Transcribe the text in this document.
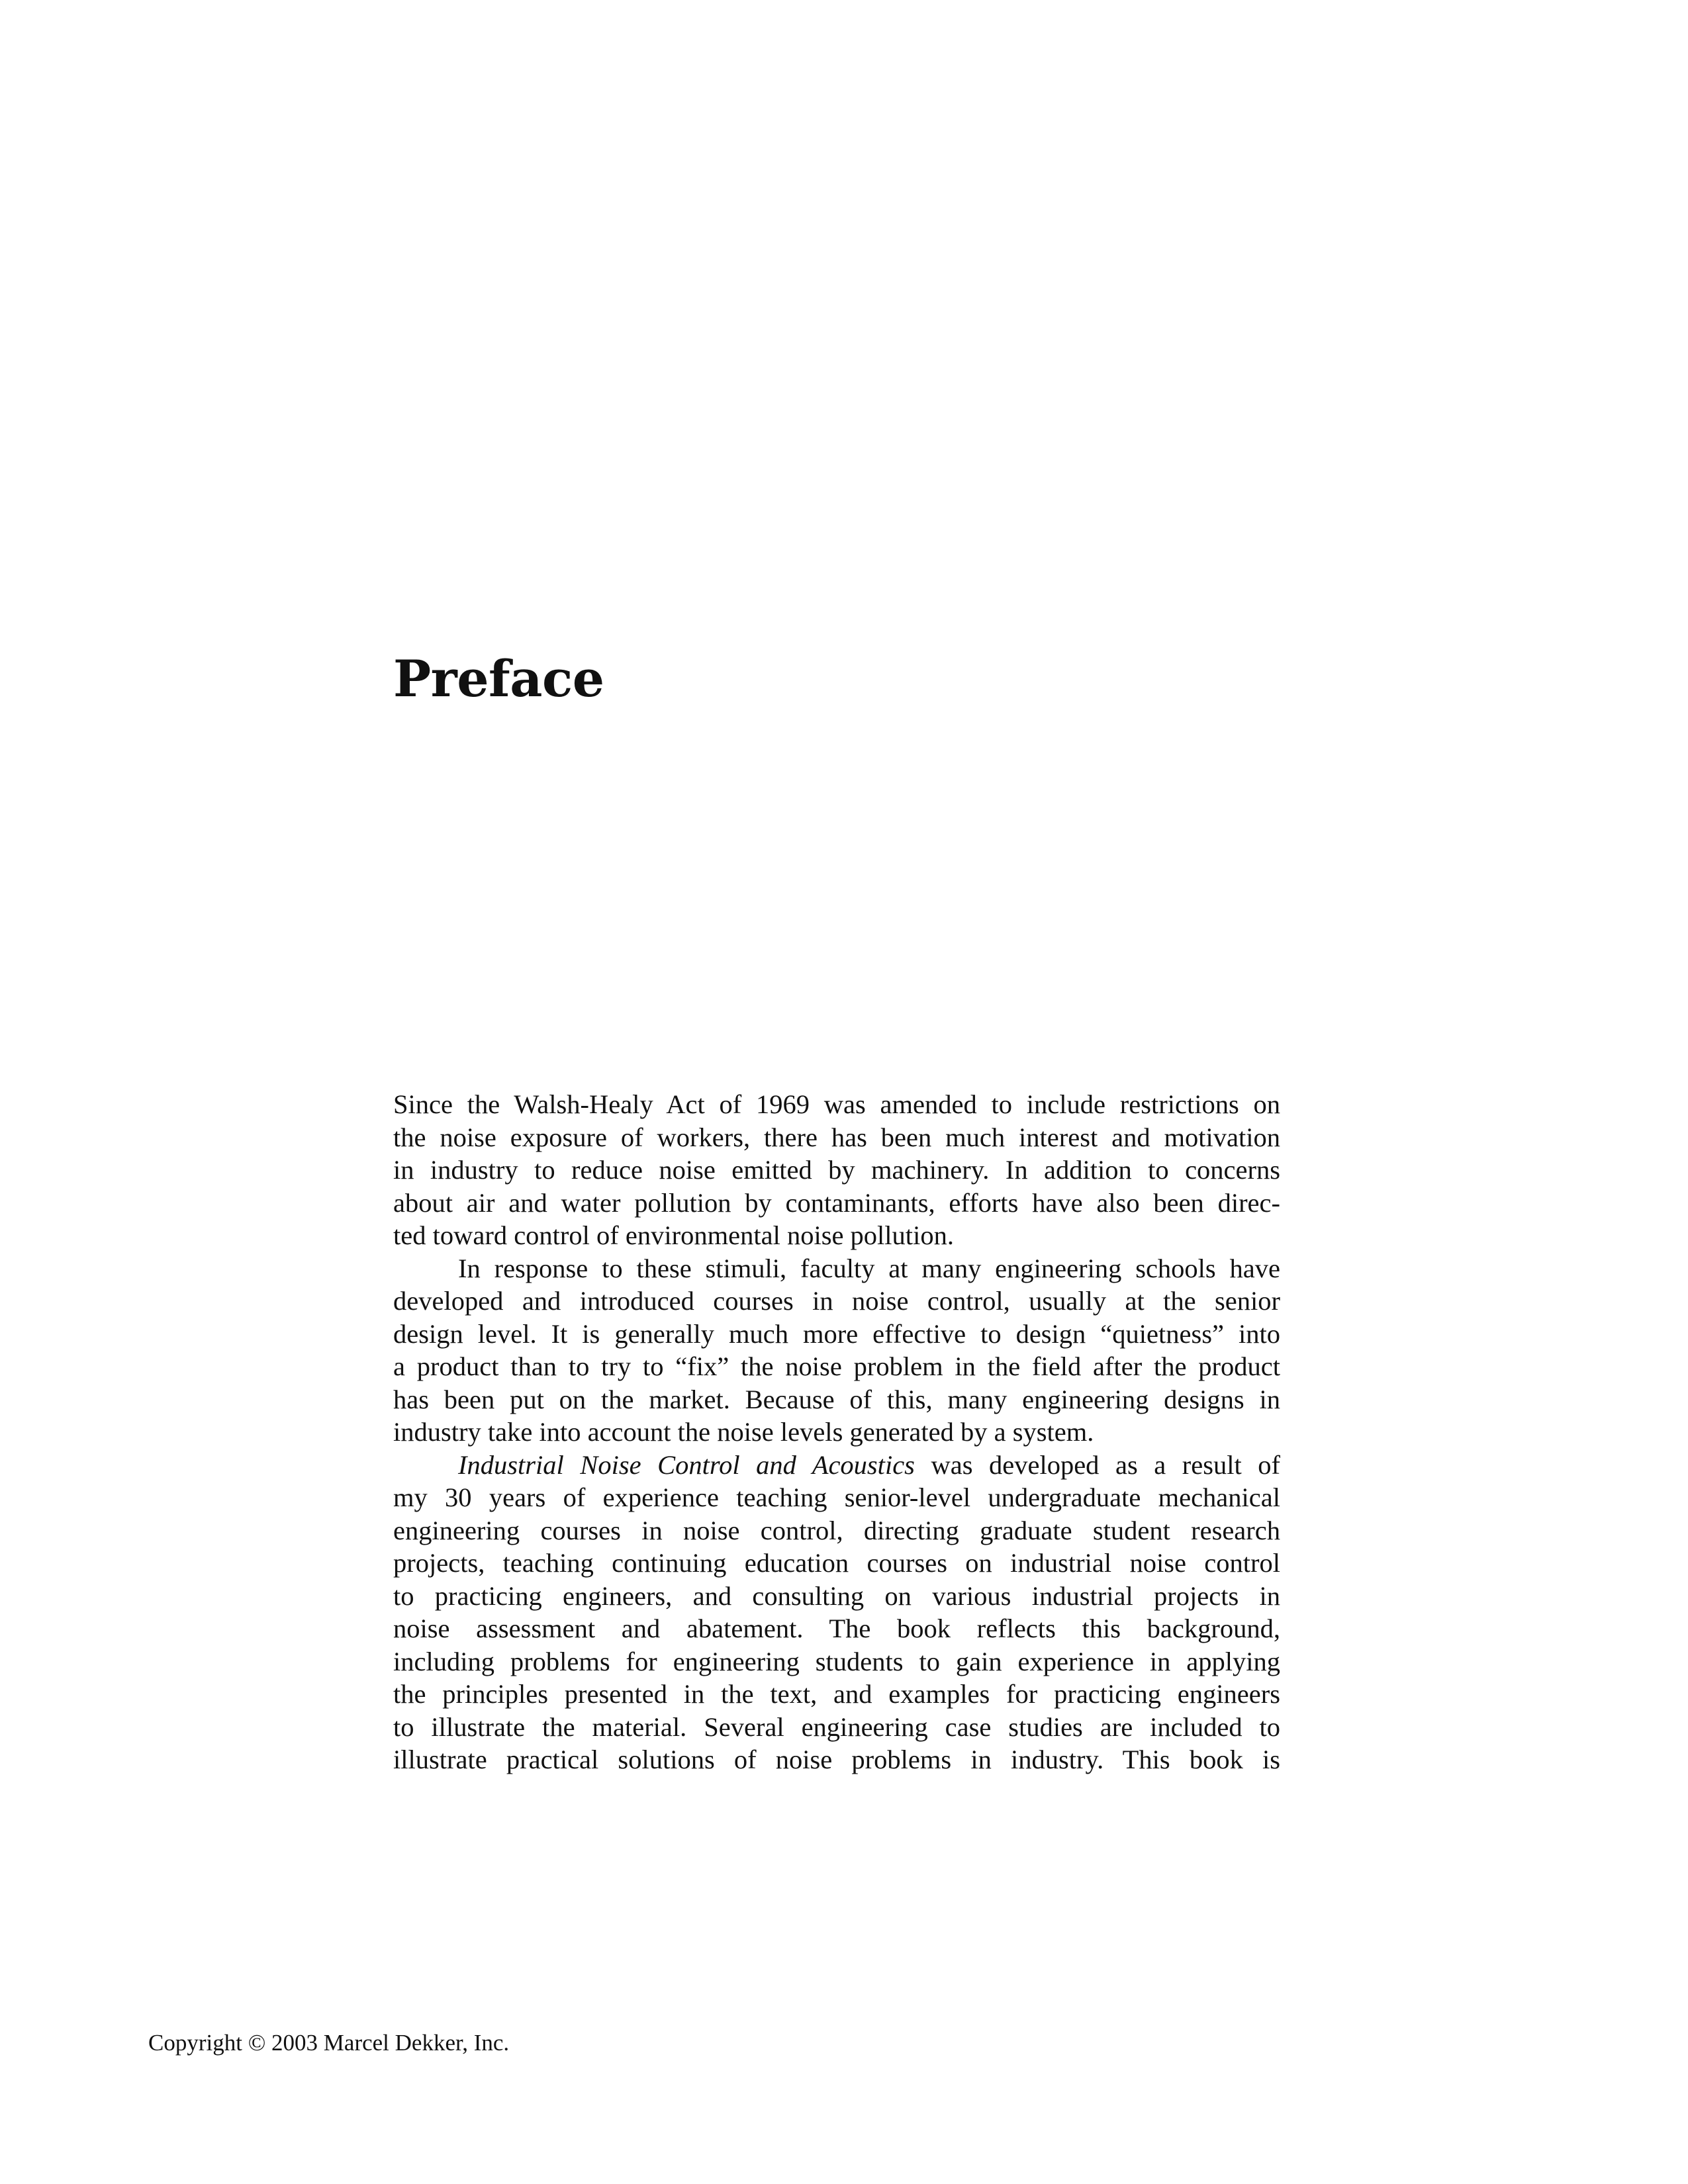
Preface
Since the Walsh-Healy Act of 1969 was amended to include restrictions on
the noise exposure of workers, there has been much interest and motivation
in industry to reduce noise emitted by machinery. In addition to concerns
about air and water pollution by contaminants, efforts have also been direc-
ted toward control of environmental noise pollution.
In response to these stimuli, faculty at many engineering schools have
developed and introduced courses in noise control, usually at the senior
design level. It is generally much more effective to design “quietness” into
a product than to try to “fix” the noise problem in the field after the product
has been put on the market. Because of this, many engineering designs in
industry take into account the noise levels generated by a system.
Industrial Noise Control and Acoustics was developed as a result of
my 30 years of experience teaching senior-level undergraduate mechanical
engineering courses in noise control, directing graduate student research
projects, teaching continuing education courses on industrial noise control
to practicing engineers, and consulting on various industrial projects in
noise assessment and abatement. The book reflects this background,
including problems for engineering students to gain experience in applying
the principles presented in the text, and examples for practicing engineers
to illustrate the material. Several engineering case studies are included to
illustrate practical solutions of noise problems in industry. This book is
Copyright © 2003 Marcel Dekker, Inc.
